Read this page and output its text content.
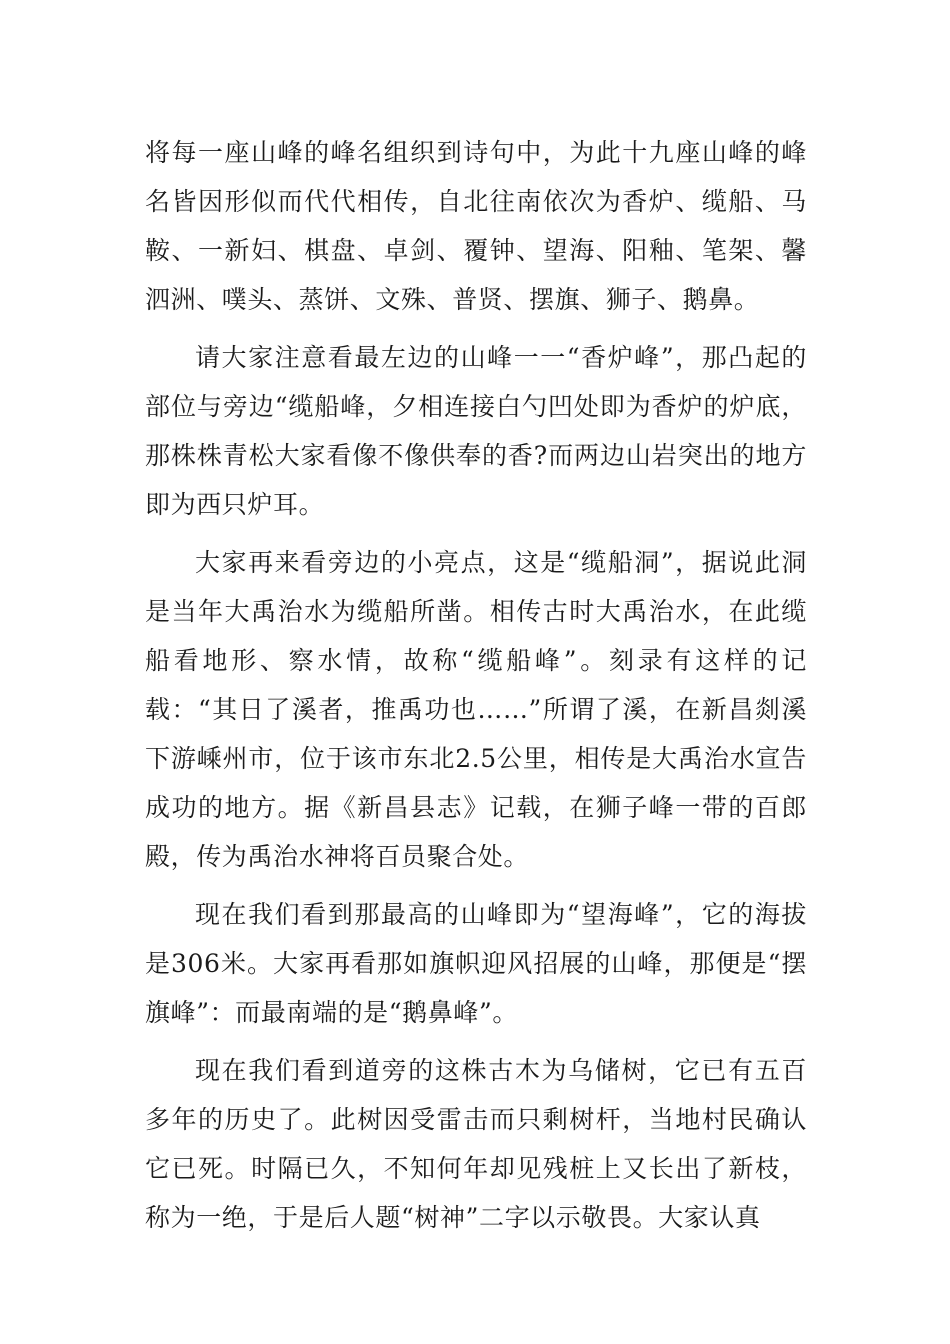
将每一座山峰的峰名组织到诗句中，为此十九座山峰的峰名皆因形似而代代相传，自北往南依次为香炉、缆船、马鞍、一新妇、棋盘、卓剑、覆钟、望海、阳釉、笔架、馨泗洲、噗头、蒸饼、文殊、普贤、摆旗、狮子、鹅鼻。

请大家注意看最左边的山峰一一“香炉峰”，那凸起的部位与旁边“缆船峰，夕相连接白勺凹处即为香炉的炉底，那株株青松大家看像不像供奉的香?而两边山岩突出的地方即为西只炉耳。

大家再来看旁边的小亮点，这是“缆船洞”，据说此洞是当年大禹治水为缆船所凿。相传古时大禹治水，在此缆船看地形、察水情，故称“缆船峰”。刻录有这样的记载：“其日了溪者，推禹功也……”所谓了溪，在新昌剡溪下游嵊州市，位于该市东北2.5公里，相传是大禹治水宣告成功的地方。据《新昌县志》记载，在狮子峰一带的百郎殿，传为禹治水神将百员聚合处。

现在我们看到那最高的山峰即为“望海峰”，它的海拔是306米。大家再看那如旗帜迎风招展的山峰，那便是“摆旗峰”：而最南端的是“鹅鼻峰”。

现在我们看到道旁的这株古木为乌储树，它已有五百多年的历史了。此树因受雷击而只剩树杆，当地村民确认它已死。时隔已久，不知何年却见残桩上又长出了新枝，称为一绝，于是后人题“树神”二字以示敬畏。大家认真
